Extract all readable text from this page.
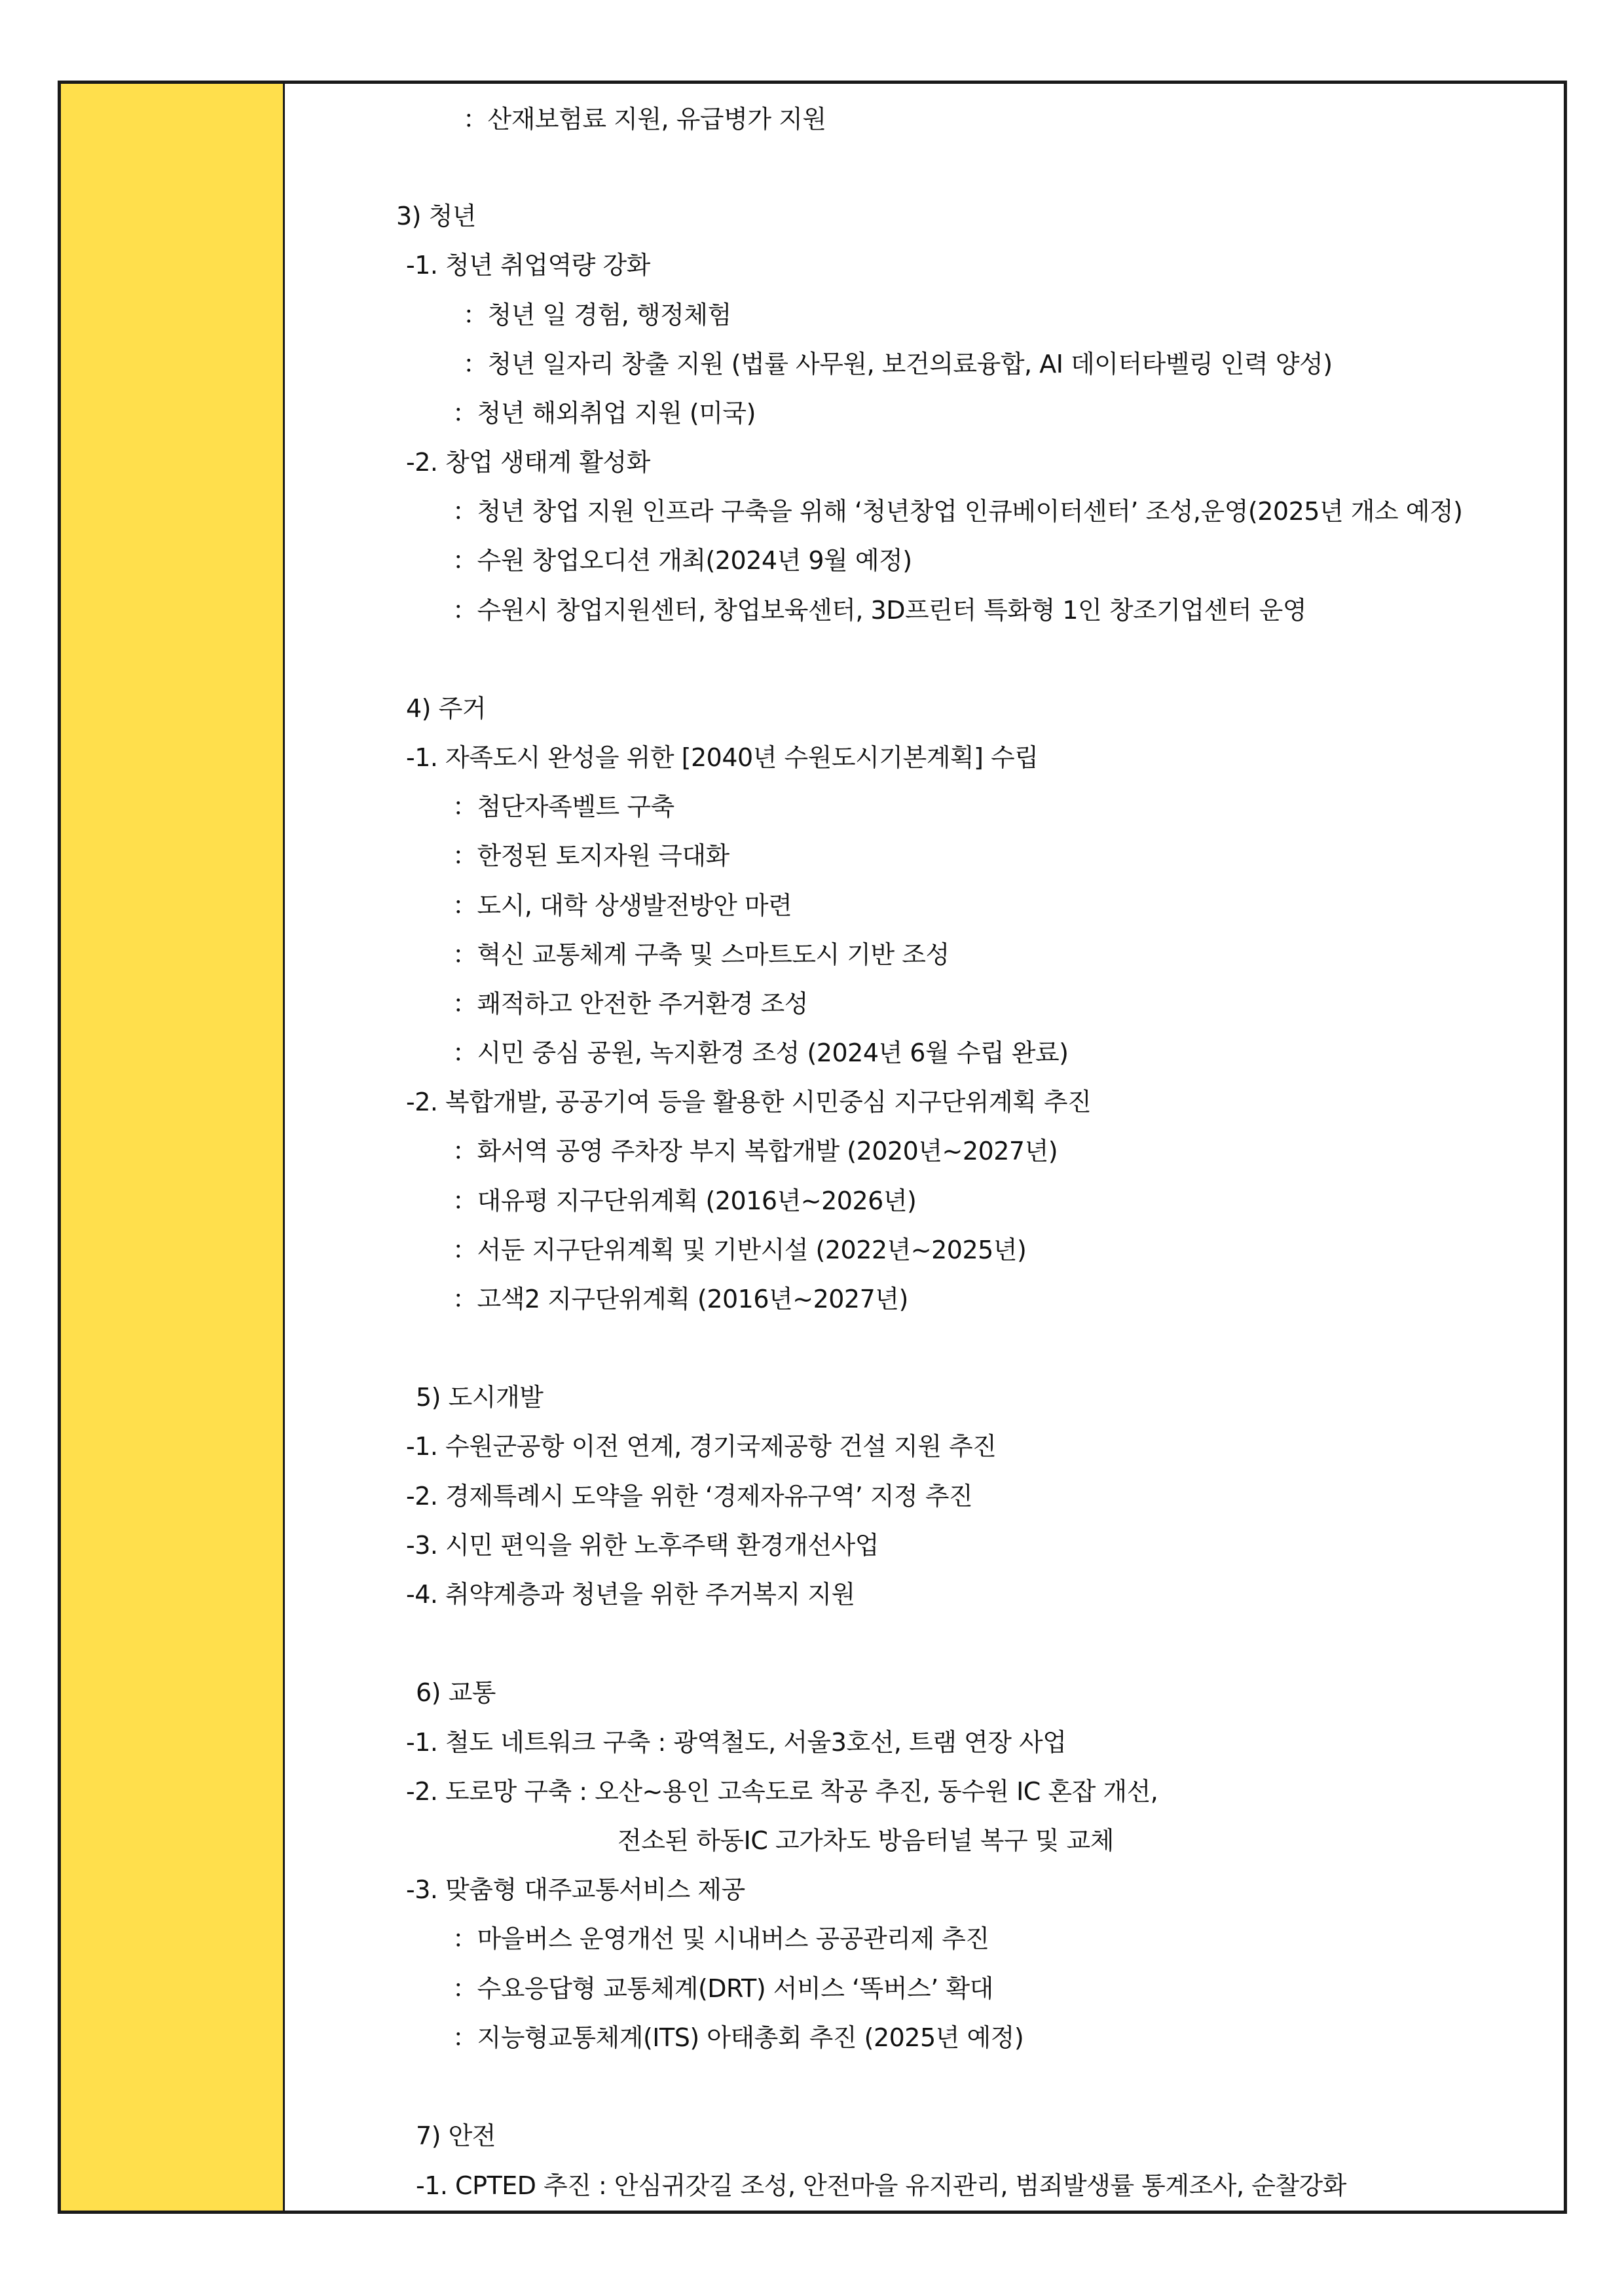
：산재보험료 지원, 유급병가 지원
3) 청년
-1. 청년 취업역량 강화
：청년 일 경험, 행정체험
：청년 일자리 창출 지원 (법률 사무원, 보건의료융합, AI 데이터타벨링 인력 양성)
：청년 해외취업 지원 (미국)
-2. 창업 생태계 활성화
：청년 창업 지원 인프라 구축을 위해 ‘청년창업 인큐베이터센터’ 조성,운영(2025년 개소 예정)
：수원 창업오디션 개최(2024년 9월 예정)
：수원시 창업지원센터, 창업보육센터, 3D프린터 특화형 1인 창조기업센터 운영
4) 주거
-1. 자족도시 완성을 위한 [2040년 수원도시기본계획] 수립
：첨단자족벨트 구축
：한정된 토지자원 극대화
：도시, 대학 상생발전방안 마련
：혁신 교통체계 구축 및 스마트도시 기반 조성
：쾌적하고 안전한 주거환경 조성
：시민 중심 공원, 녹지환경 조성 (2024년 6월 수립 완료)
-2. 복합개발, 공공기여 등을 활용한 시민중심 지구단위계획 추진
：화서역 공영 주차장 부지 복합개발 (2020년~2027년)
：대유평 지구단위계획 (2016년~2026년)
：서둔 지구단위계획 및 기반시설 (2022년~2025년)
：고색2 지구단위계획 (2016년~2027년)
5) 도시개발
-1. 수원군공항 이전 연계, 경기국제공항 건설 지원 추진
-2. 경제특례시 도약을 위한 ‘경제자유구역’ 지정 추진
-3. 시민 편익을 위한 노후주택 환경개선사업
-4. 취약계층과 청년을 위한 주거복지 지원
6) 교통
-1. 철도 네트워크 구축 : 광역철도, 서울3호선, 트램 연장 사업
-2. 도로망 구축 : 오산~용인 고속도로 착공 추진, 동수원 IC 혼잡 개선,
전소된 하동IC 고가차도 방음터널 복구 및 교체
-3. 맞춤형 대주교통서비스 제공
：마을버스 운영개선 및 시내버스 공공관리제 추진
：수요응답형 교통체계(DRT) 서비스 ‘똑버스’ 확대
：지능형교통체계(ITS) 아태총회 추진 (2025년 예정)
7) 안전
-1. CPTED 추진 : 안심귀갓길 조성, 안전마을 유지관리, 범죄발생률 통계조사, 순찰강화
